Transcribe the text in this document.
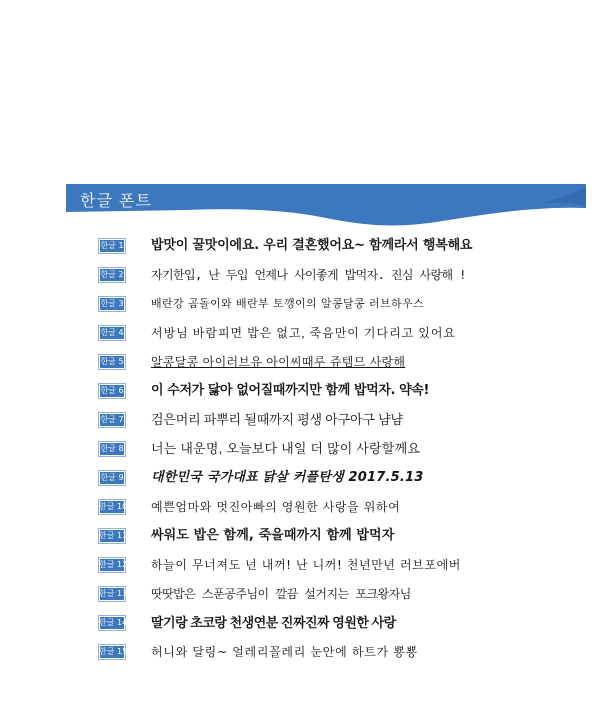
한글 폰트
한글 1 밥맛이 꿀맛이에요. 우리 결혼했어요~ 함께라서 행복해요
한글 2 자기한입, 난 두입 언제나 사이좋게 밥먹자. 진심 사랑해 !
한글 3 배란강 곰돌이와 배란부 토깽이의 알콩달콩 러브하우스
한글 4 서방님 바람피면 밥은 없고, 죽음만이 기다리고 있어요
한글 5 알콩달콩 아이러브유 아이씨때루 쥬템므 사랑해
한글 6 이 수저가 닳아 없어질때까지만 함께 밥먹자. 약속!
한글 7 검은머리 파뿌리 될때까지 평생 아구아구 냠냠
한글 8 너는 내운명, 오늘보다 내일 더 많이 사랑할께요
한글 9 대한민국 국가대표 닭살 커플탄생 2017.5.13
한글 10 예쁜엄마와 멋진아빠의 영원한 사랑을 위하여
한글 11 싸워도 밥은 함께, 죽을때까지 함께 밥먹자
한글 12 하늘이 무너져도 넌 내꺼! 난 니꺼! 천년만년 러브포에버
한글 13 땃땃밥은 스푼공주님이 깔끔 설거지는 포크왕자님
한글 14 딸기랑 초코랑 천생연분 진짜진짜 영원한 사랑
한글 15 허니와 달링~ 얼레리꼴레리 눈안에 하트가 뿅뿅
